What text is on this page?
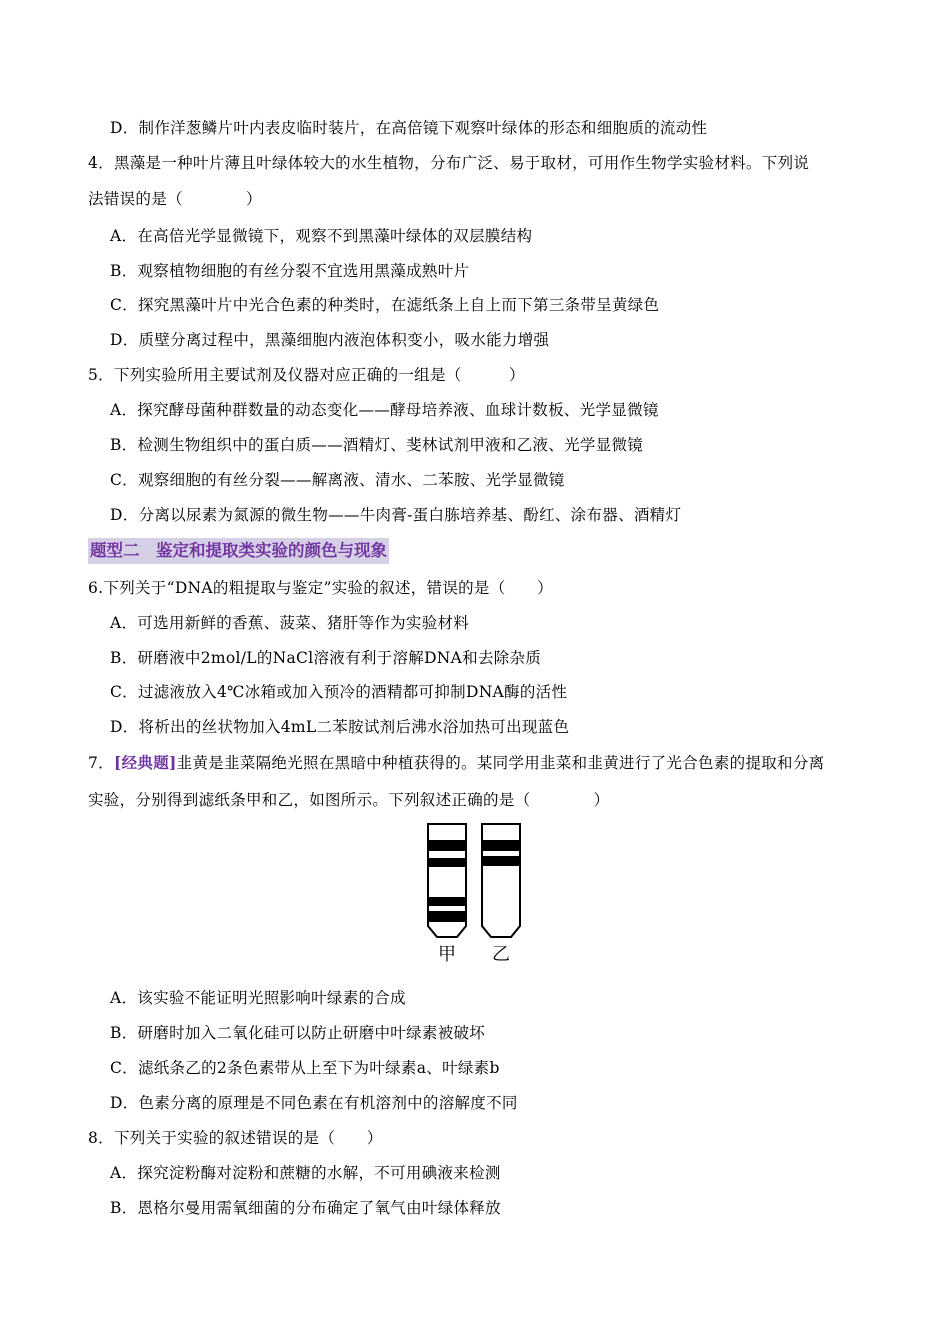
D．制作洋葱鳞片叶内表皮临时装片，在高倍镜下观察叶绿体的形态和细胞质的流动性
4．黑藻是一种叶片薄且叶绿体较大的水生植物，分布广泛、易于取材，可用作生物学实验材料。下列说
法错误的是（　　　　）
A．在高倍光学显微镜下，观察不到黑藻叶绿体的双层膜结构
B．观察植物细胞的有丝分裂不宜选用黑藻成熟叶片
C．探究黑藻叶片中光合色素的种类时，在滤纸条上自上而下第三条带呈黄绿色
D．质壁分离过程中，黑藻细胞内液泡体积变小，吸水能力增强
5．下列实验所用主要试剂及仪器对应正确的一组是（　　　）
A．探究酵母菌种群数量的动态变化——酵母培养液、血球计数板、光学显微镜
B．检测生物组织中的蛋白质——酒精灯、斐林试剂甲液和乙液、光学显微镜
C．观察细胞的有丝分裂——解离液、清水、二苯胺、光学显微镜
D．分离以尿素为氮源的微生物——牛肉膏-蛋白胨培养基、酚红、涂布器、酒精灯
题型二　鉴定和提取类实验的颜色与现象
6.下列关于“DNA的粗提取与鉴定”实验的叙述，错误的是（　　）
A．可选用新鲜的香蕉、菠菜、猪肝等作为实验材料
B．研磨液中2mol/L的NaCl溶液有利于溶解DNA和去除杂质
C．过滤液放入4℃冰箱或加入预冷的酒精都可抑制DNA酶的活性
D．将析出的丝状物加入4mL二苯胺试剂后沸水浴加热可出现蓝色
7．[经典题]韭黄是韭菜隔绝光照在黑暗中种植获得的。某同学用韭菜和韭黄进行了光合色素的提取和分离
实验，分别得到滤纸条甲和乙，如图所示。下列叙述正确的是（　　　　）
甲 乙
A．该实验不能证明光照影响叶绿素的合成
B．研磨时加入二氧化硅可以防止研磨中叶绿素被破坏
C．滤纸条乙的2条色素带从上至下为叶绿素a、叶绿素b
D．色素分离的原理是不同色素在有机溶剂中的溶解度不同
8．下列关于实验的叙述错误的是（　　）
A．探究淀粉酶对淀粉和蔗糖的水解，不可用碘液来检测
B．恩格尔曼用需氧细菌的分布确定了氧气由叶绿体释放
